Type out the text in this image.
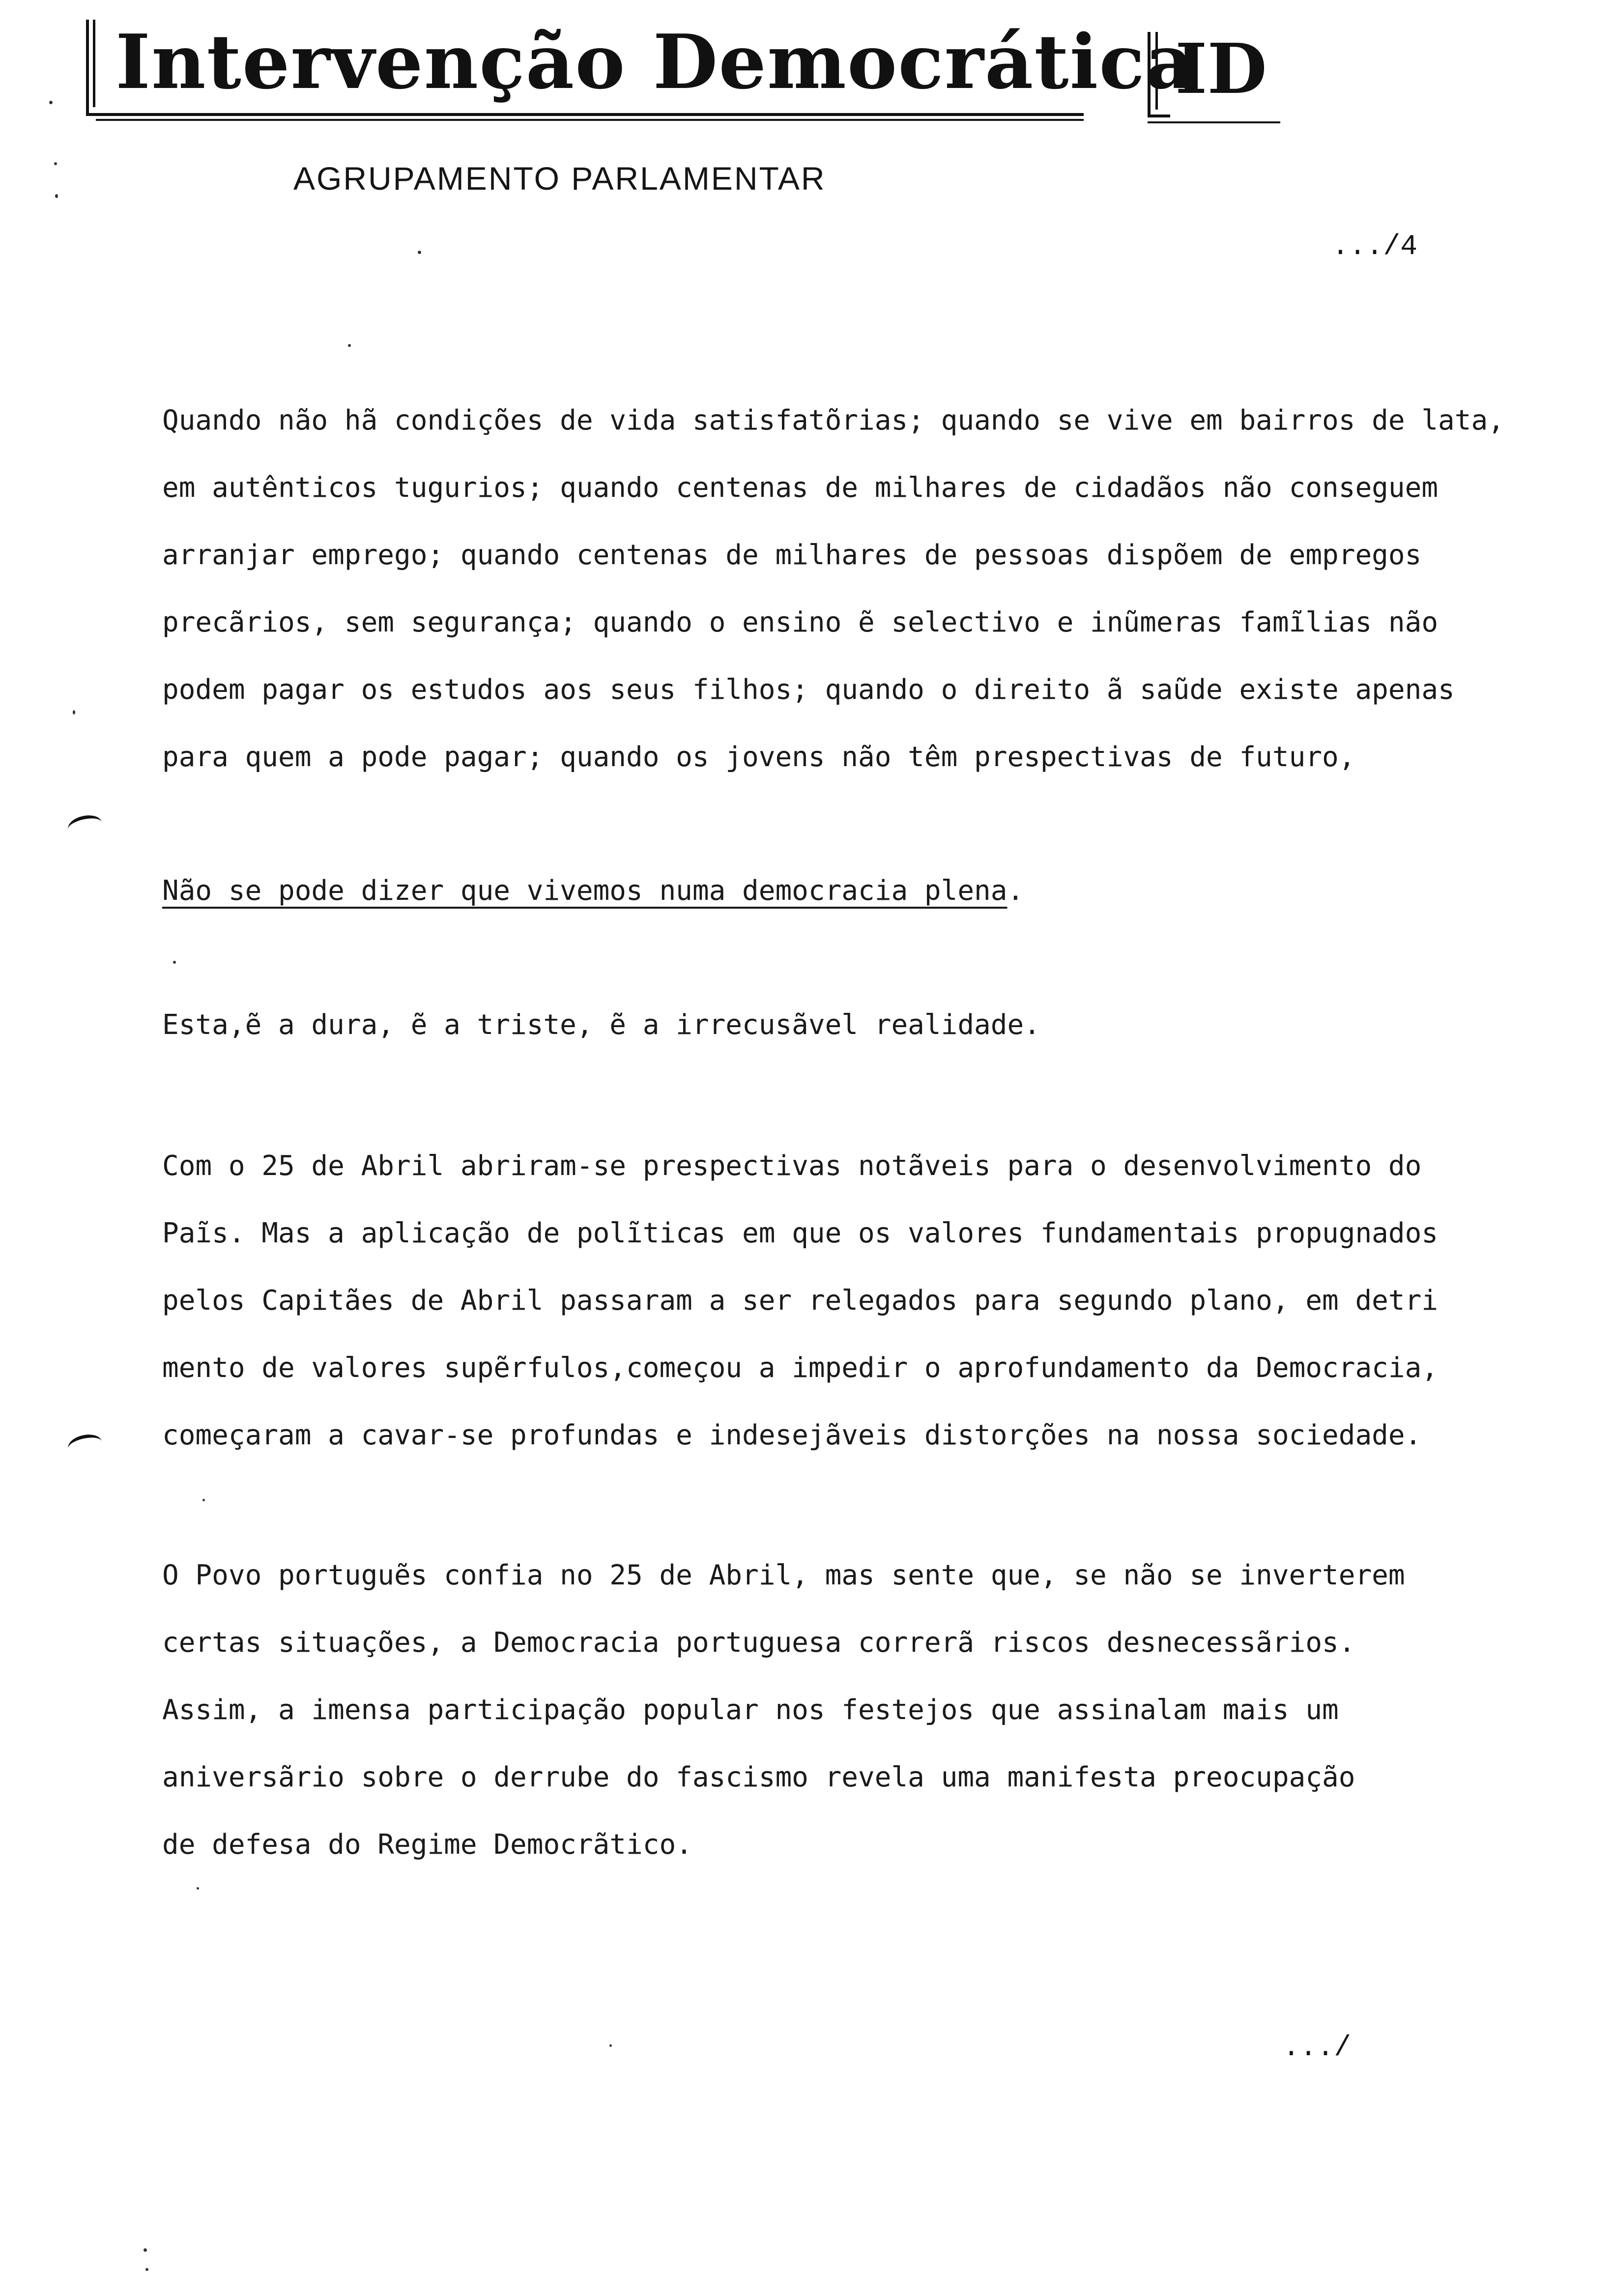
Intervenção Democrática
ID
AGRUPAMENTO PARLAMENTAR
.../4
Quando não hã condições de vida satisfatõrias; quando se vive em bairros de lata,
em autênticos tugurios; quando centenas de milhares de cidadãos não conseguem
arranjar emprego; quando centenas de milhares de pessoas dispõem de empregos
precãrios, sem segurança; quando o ensino ẽ selectivo e inũmeras famĩlias não
podem pagar os estudos aos seus filhos; quando o direito ã saũde existe apenas
para quem a pode pagar; quando os jovens não têm prespectivas de futuro,
Não se pode dizer que vivemos numa democracia plena.
Esta,ẽ a dura, ẽ a triste, ẽ a irrecusãvel realidade.
Com o 25 de Abril abriram-se prespectivas notãveis para o desenvolvimento do
Paĩs. Mas a aplicação de polĩticas em que os valores fundamentais propugnados
pelos Capitães de Abril passaram a ser relegados para segundo plano, em detri
mento de valores supẽrfulos,começou a impedir o aprofundamento da Democracia,
começaram a cavar-se profundas e indesejãveis distorções na nossa sociedade.
O Povo portuguẽs confia no 25 de Abril, mas sente que, se não se inverterem
certas situações, a Democracia portuguesa correrã riscos desnecessãrios.
Assim, a imensa participação popular nos festejos que assinalam mais um
aniversãrio sobre o derrube do fascismo revela uma manifesta preocupação
de defesa do Regime Democrãtico.
.../
